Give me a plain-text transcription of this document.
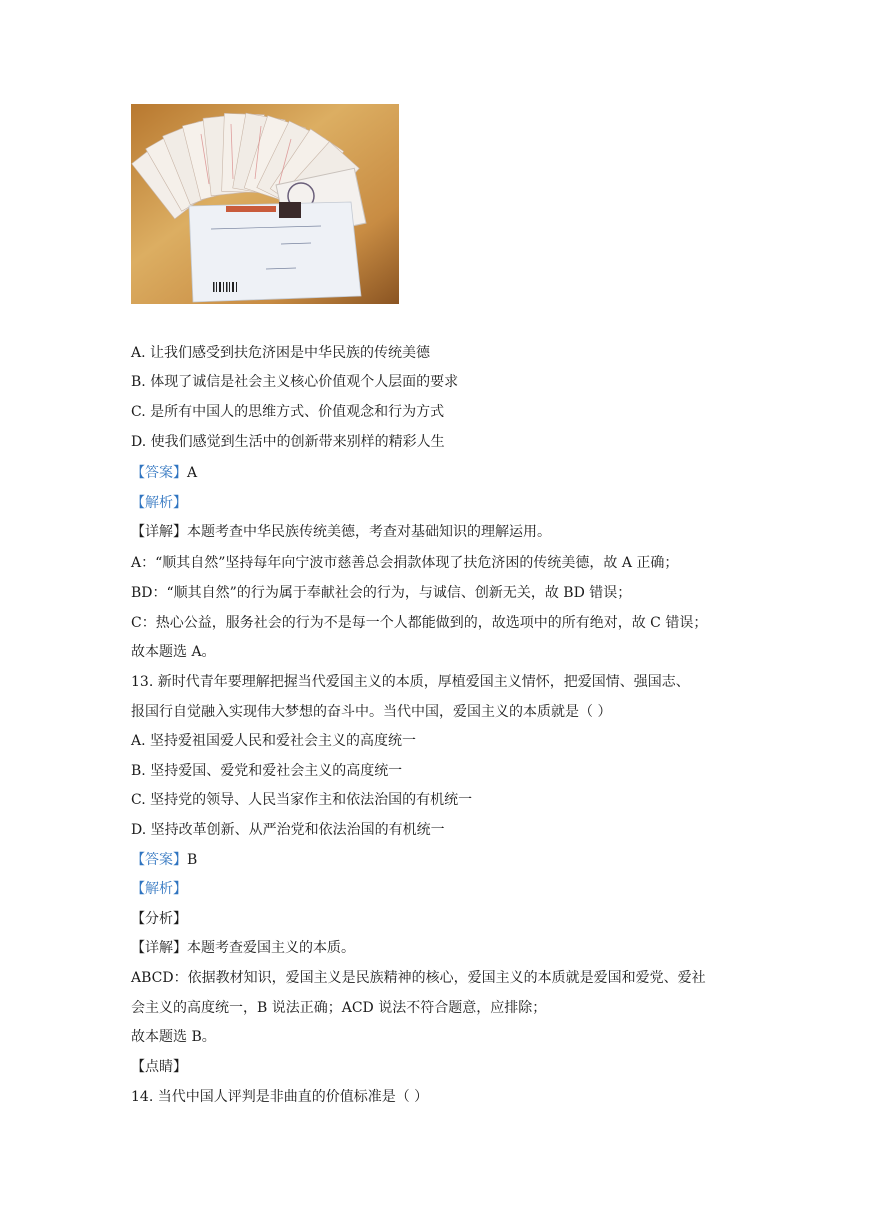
A. 让我们感受到扶危济困是中华民族的传统美德
B. 体现了诚信是社会主义核心价值观个人层面的要求
C. 是所有中国人的思维方式、价值观念和行为方式
D. 使我们感觉到生活中的创新带来别样的精彩人生
【答案】A
【解析】
【详解】本题考查中华民族传统美德，考查对基础知识的理解运用。
A：“顺其自然”坚持每年向宁波市慈善总会捐款体现了扶危济困的传统美德，故 A 正确；
BD：“顺其自然”的行为属于奉献社会的行为，与诚信、创新无关，故 BD 错误；
C：热心公益，服务社会的行为不是每一个人都能做到的，故选项中的所有绝对，故 C 错误；
故本题选 A。
13. 新时代青年要理解把握当代爱国主义的本质，厚植爱国主义情怀，把爱国情、强国志、
报国行自觉融入实现伟大梦想的奋斗中。当代中国，爱国主义的本质就是（ ）
A. 坚持爱祖国爱人民和爱社会主义的高度统一
B. 坚持爱国、爱党和爱社会主义的高度统一
C. 坚持党的领导、人民当家作主和依法治国的有机统一
D. 坚持改革创新、从严治党和依法治国的有机统一
【答案】B
【解析】
【分析】
【详解】本题考查爱国主义的本质。
ABCD：依据教材知识，爱国主义是民族精神的核心，爱国主义的本质就是爱国和爱党、爱社
会主义的高度统一，B 说法正确；ACD 说法不符合题意，应排除；
故本题选 B。
【点睛】
14. 当代中国人评判是非曲直的价值标准是（ ）
